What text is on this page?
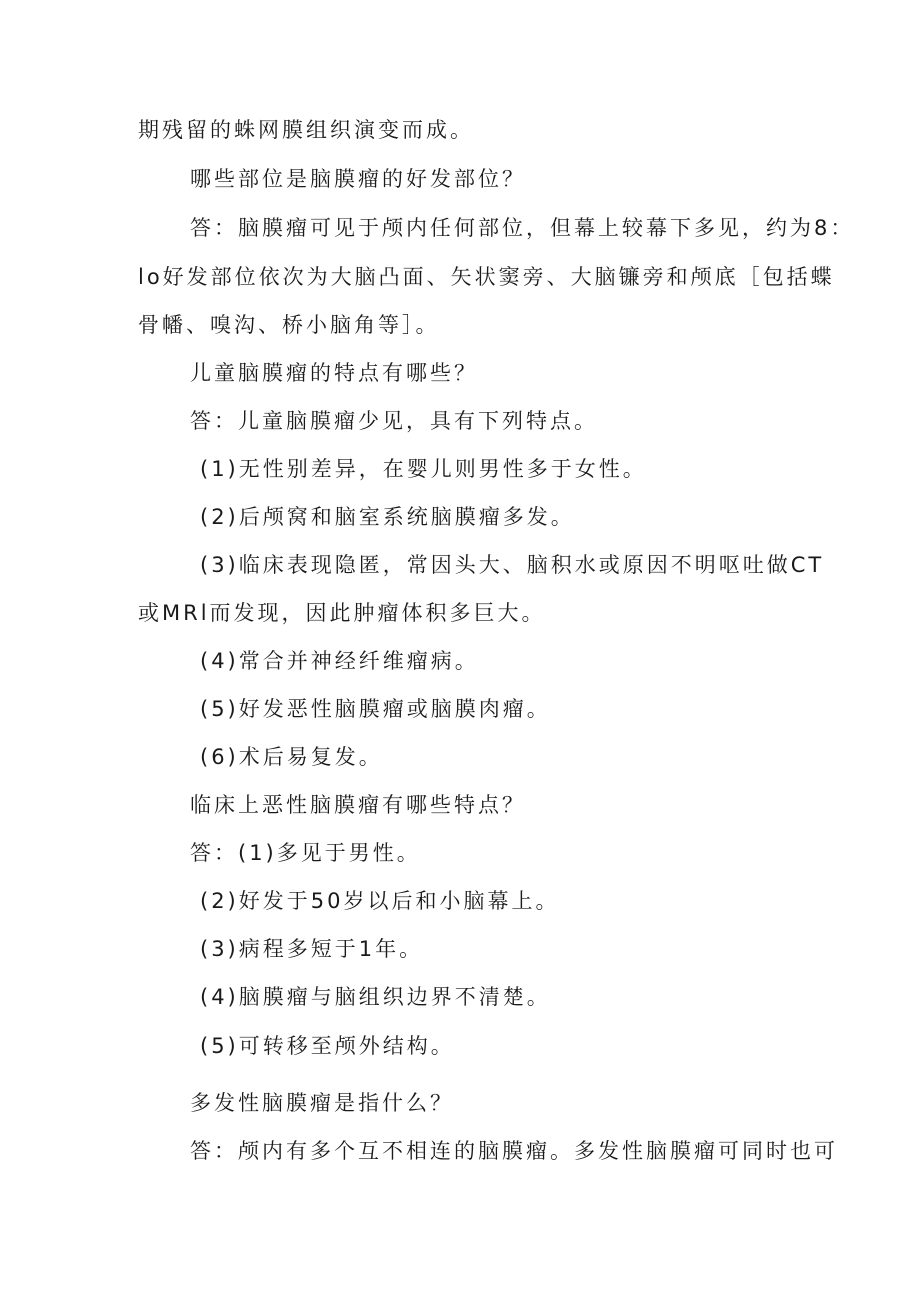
期残留的蛛网膜组织演变而成。
哪些部位是脑膜瘤的好发部位？
答：脑膜瘤可见于颅内任何部位，但幕上较幕下多见，约为8：
lo好发部位依次为大脑凸面、矢状窦旁、大脑镰旁和颅底［包括蝶
骨幡、嗅沟、桥小脑角等］。
儿童脑膜瘤的特点有哪些？
答：儿童脑膜瘤少见，具有下列特点。
(1)无性别差异，在婴儿则男性多于女性。
(2)后颅窝和脑室系统脑膜瘤多发。
(3)临床表现隐匿，常因头大、脑积水或原因不明呕吐做CT
或MRl而发现，因此肿瘤体积多巨大。
(4)常合并神经纤维瘤病。
(5)好发恶性脑膜瘤或脑膜肉瘤。
(6)术后易复发。
临床上恶性脑膜瘤有哪些特点？
答：(1)多见于男性。
(2)好发于50岁以后和小脑幕上。
(3)病程多短于1年。
(4)脑膜瘤与脑组织边界不清楚。
(5)可转移至颅外结构。
多发性脑膜瘤是指什么？
答：颅内有多个互不相连的脑膜瘤。多发性脑膜瘤可同时也可
